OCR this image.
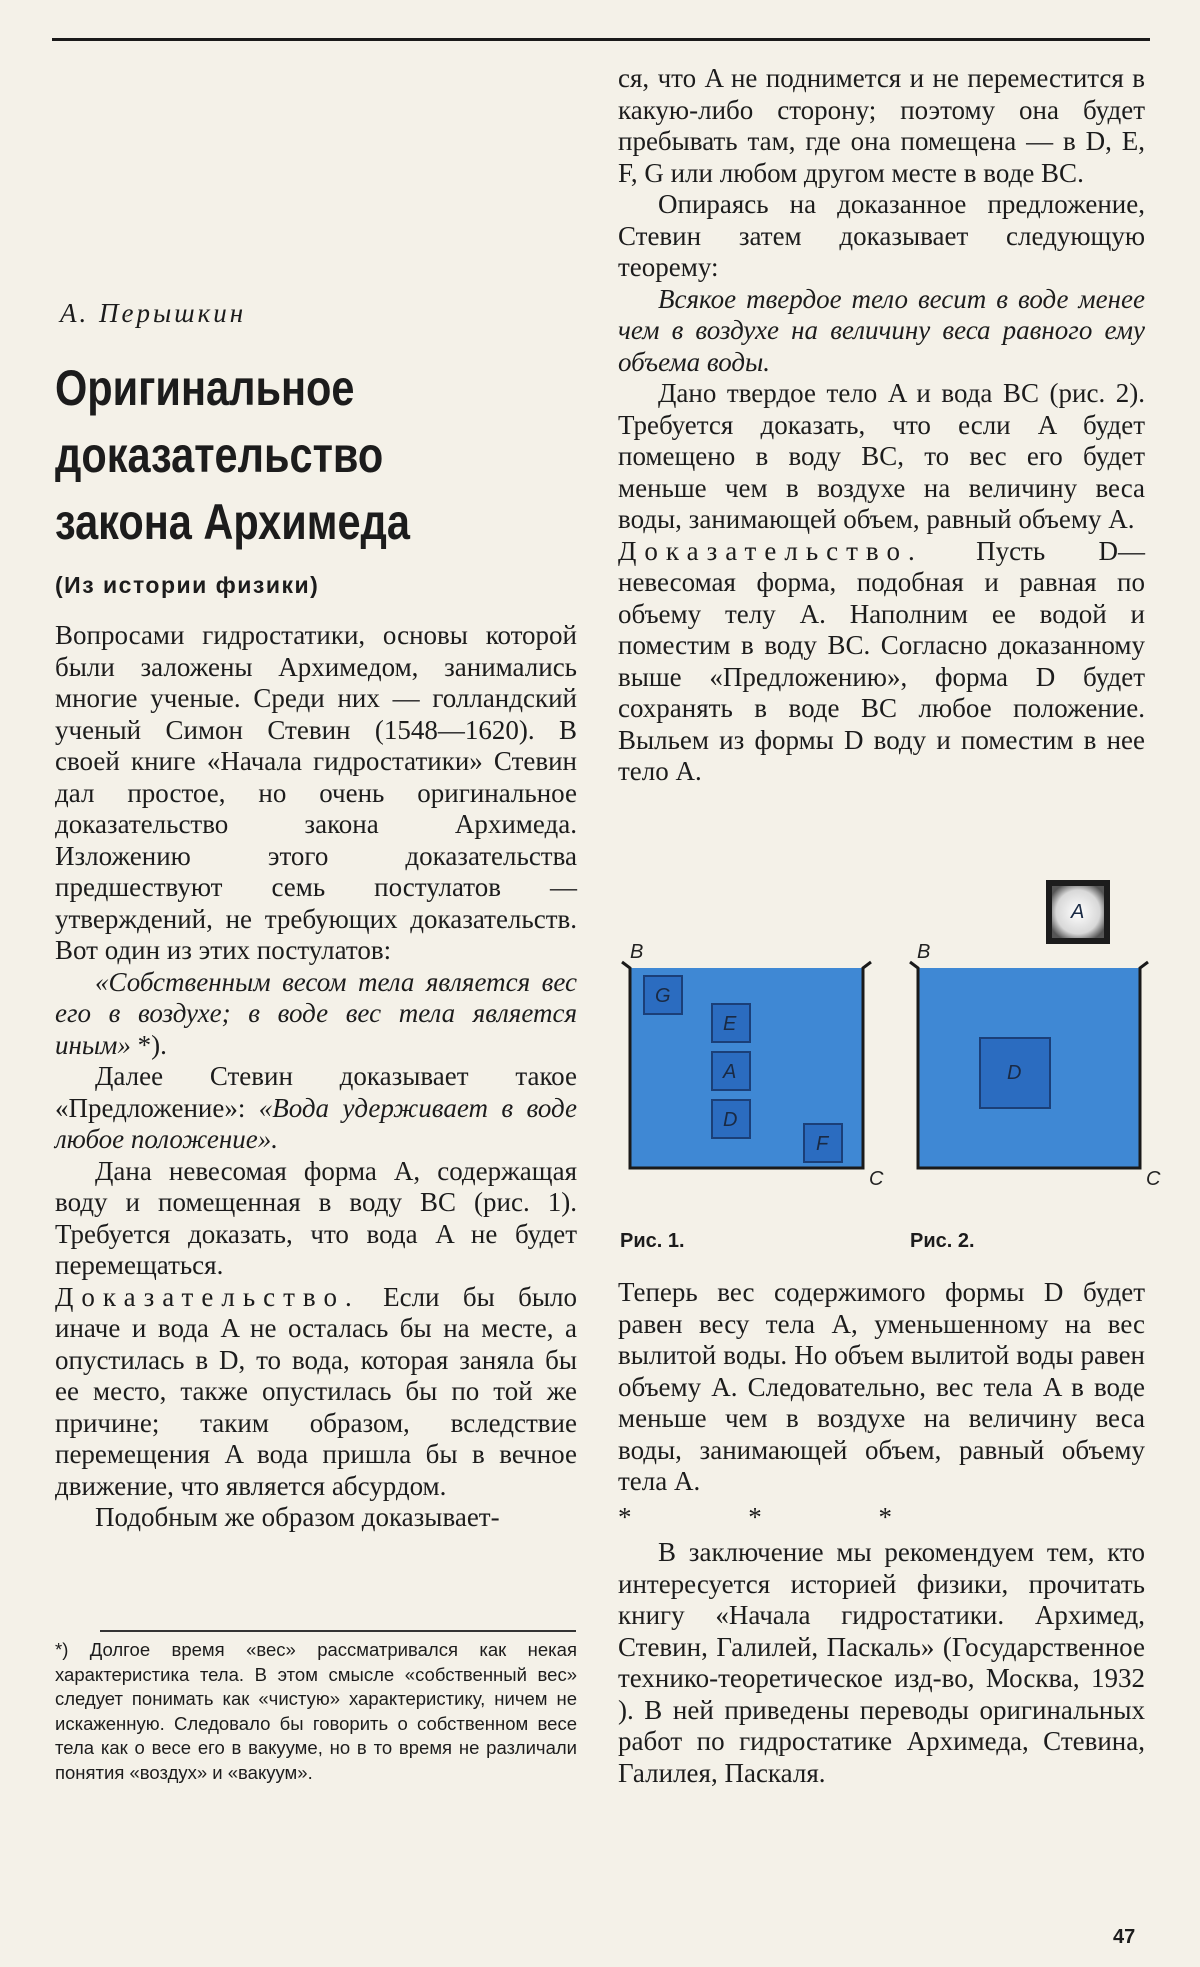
А. Перышкин
Оригинальное
доказательство
закона Архимеда
(Из истории физики)

Вопросами гидростатики, основы которой были заложены Архимедом, занимались многие ученые. Среди них — голландский ученый Симон Стевин (1548—1620). В своей книге «Начала гидростатики» Стевин дал простое, но очень оригинальное доказательство закона Архимеда. Изложению этого доказательства предшествуют семь постулатов — утверждений, не требующих доказательств. Вот один из этих постулатов:

«Собственным весом тела является вес его в воздухе; в воде вес тела является иным» *).

Далее Стевин доказывает такое «Предложение»: «Вода удерживает в воде любое положение».

Дана невесомая форма A, содержащая воду и помещенная в воду BC (рис. 1). Требуется доказать, что вода A не будет перемещаться.

Доказательство. Если бы было иначе и вода A не осталась бы на месте, а опустилась в D, то вода, которая заняла бы ее место, также опустилась бы по той же причине; таким образом, вследствие перемещения A вода пришла бы в вечное движение, что является абсурдом.

Подобным же образом доказывает-

*) Долгое время «вес» рассматривался как некая характеристика тела. В этом смысле «собственный вес» следует понимать как «чистую» характеристику, ничем не искаженную. Следовало бы говорить о собственном весе тела как о весе его в вакууме, но в то время не различали понятия «воздух» и «вакуум».

ся, что A не поднимется и не переместится в какую-либо сторону; поэтому она будет пребывать там, где она помещена — в D, E, F, G или любом другом месте в воде BC.

Опираясь на доказанное предложение, Стевин затем доказывает следующую теорему:

Всякое твердое тело весит в воде менее чем в воздухе на величину веса равного ему объема воды.

Дано твердое тело A и вода BC (рис. 2). Требуется доказать, что если A будет помещено в воду BC, то вес его будет меньше чем в воздухе на величину веса воды, занимающей объем, равный объему A.

Доказательство. Пусть D— невесомая форма, подобная и равная по объему телу A. Наполним ее водой и поместим в воду BC. Согласно доказанному выше «Предложению», форма D будет сохранять в воде BC любое положение. Выльем из формы D воду и поместим в нее тело A.

B
C
G
E
A
D
F
B
C
D
A
Рис. 1.	Рис. 2.

Теперь вес содержимого формы D будет равен весу тела A, уменьшенному на вес вылитой воды. Но объем вылитой воды равен объему A. Следовательно, вес тела A в воде меньше чем в воздухе на величину веса воды, занимающей объем, равный объему тела A.

* * *

В заключение мы рекомендуем тем, кто интересуется историей физики, прочитать книгу «Начала гидростатики. Архимед, Стевин, Галилей, Паскаль» (Государственное технико-теоретическое изд-во, Москва, 1932 ). В ней приведены переводы оригинальных работ по гидростатике Архимеда, Стевина, Галилея, Паскаля.

47
